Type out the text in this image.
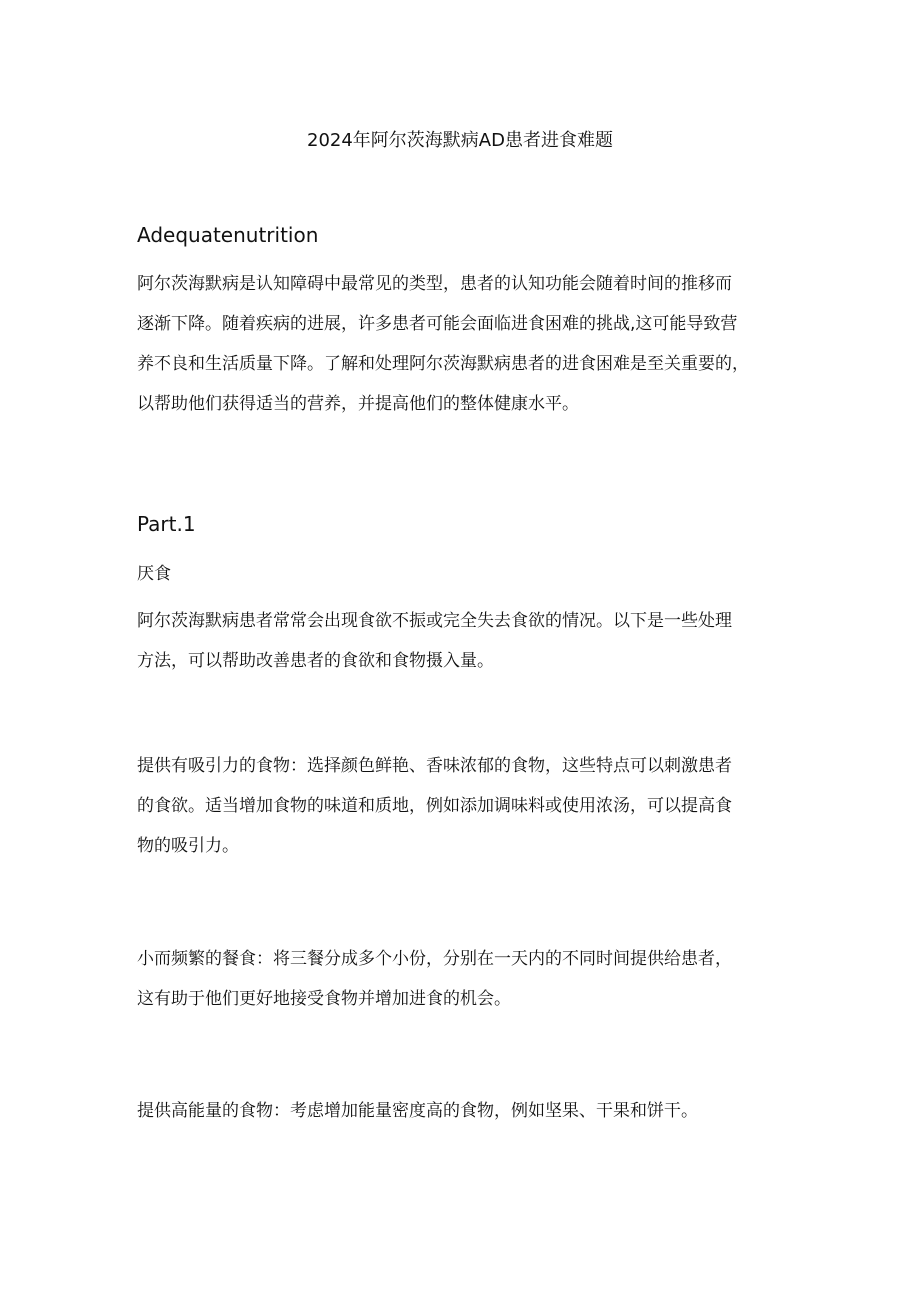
2024年阿尔茨海默病AD患者进食难题
Adequatenutrition
阿尔茨海默病是认知障碍中最常见的类型，患者的认知功能会随着时间的推移而
逐渐下降。随着疾病的进展，许多患者可能会面临进食困难的挑战,这可能导致营
养不良和生活质量下降。了解和处理阿尔茨海默病患者的进食困难是至关重要的，
以帮助他们获得适当的营养，并提高他们的整体健康水平。
Part.1
厌食
阿尔茨海默病患者常常会出现食欲不振或完全失去食欲的情况。以下是一些处理
方法，可以帮助改善患者的食欲和食物摄入量。
提供有吸引力的食物：选择颜色鲜艳、香味浓郁的食物，这些特点可以刺激患者
的食欲。适当增加食物的味道和质地，例如添加调味料或使用浓汤，可以提高食
物的吸引力。
小而频繁的餐食：将三餐分成多个小份，分别在一天内的不同时间提供给患者，
这有助于他们更好地接受食物并增加进食的机会。
提供高能量的食物：考虑增加能量密度高的食物，例如坚果、干果和饼干。
